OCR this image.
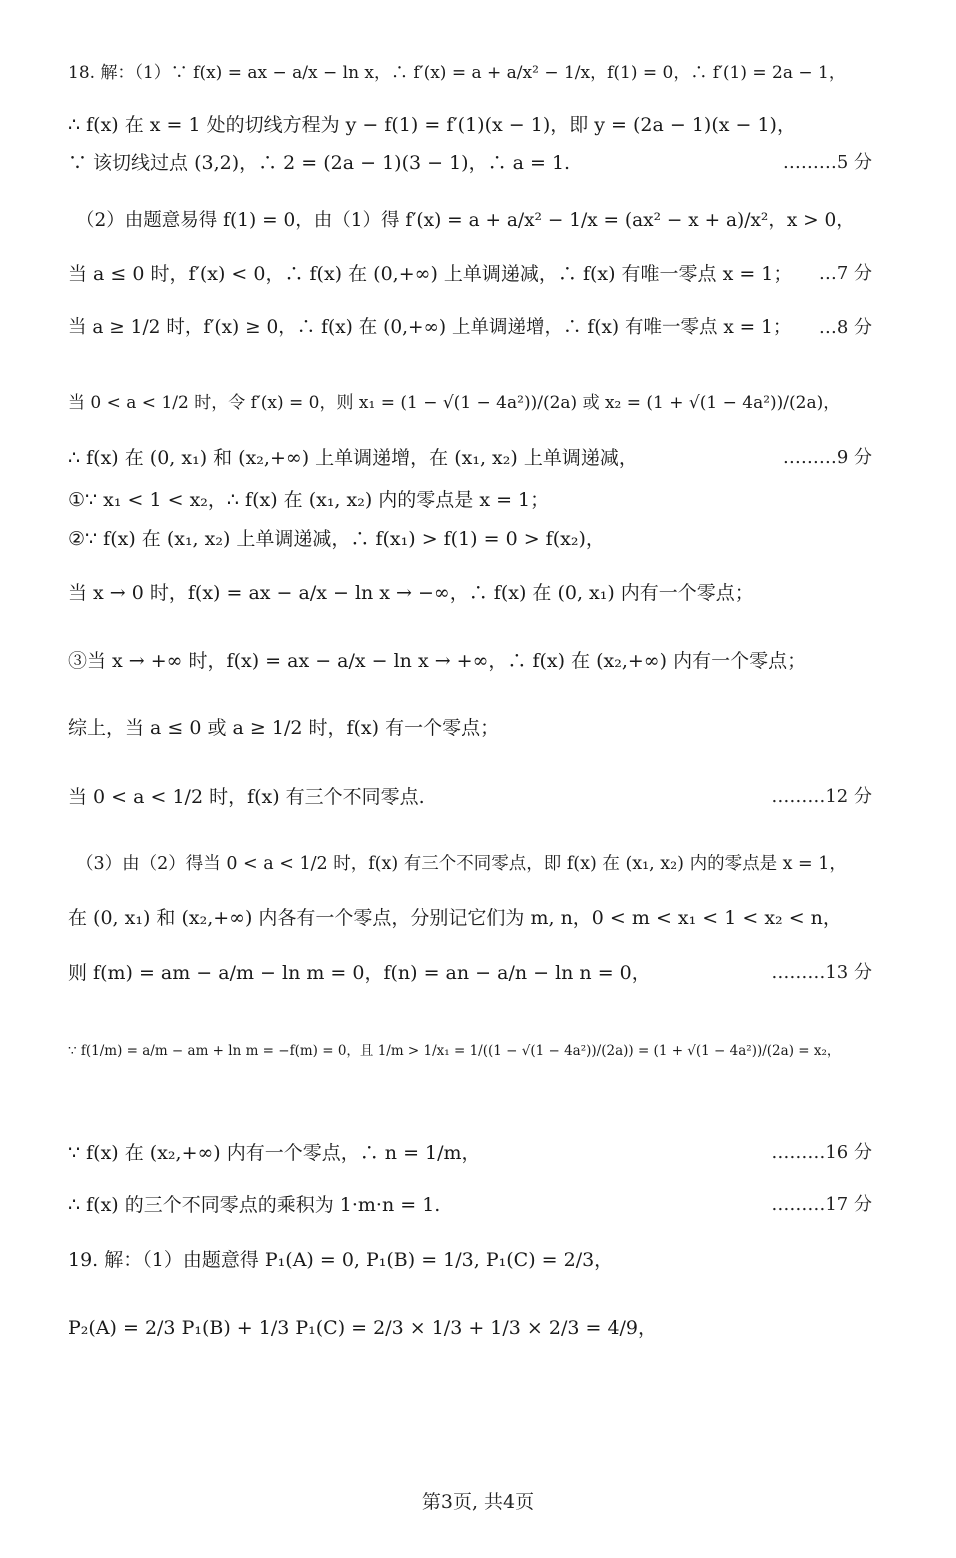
18. 解：（1）∵ f(x) = ax − a/x − ln x，∴ f′(x) = a + a/x² − 1/x，f(1) = 0，∴ f′(1) = 2a − 1，
∴ f(x) 在 x = 1 处的切线方程为 y − f(1) = f′(1)(x − 1)，即 y = (2a − 1)(x − 1)，
∵ 该切线过点 (3,2)，∴ 2 = (2a − 1)(3 − 1)，∴ a = 1.	………5 分
（2）由题意易得 f(1) = 0，由（1）得 f′(x) = a + a/x² − 1/x = (ax² − x + a)/x²，x > 0，
当 a ≤ 0 时，f′(x) < 0，∴ f(x) 在 (0,+∞) 上单调递减，∴ f(x) 有唯一零点 x = 1； …7 分
当 a ≥ 1/2 时，f′(x) ≥ 0，∴ f(x) 在 (0,+∞) 上单调递增，∴ f(x) 有唯一零点 x = 1； …8 分
当 0 < a < 1/2 时，令 f′(x) = 0，则 x₁ = (1 − √(1 − 4a²))/(2a) 或 x₂ = (1 + √(1 − 4a²))/(2a)，
∴ f(x) 在 (0, x₁) 和 (x₂,+∞) 上单调递增，在 (x₁, x₂) 上单调递减，	………9 分
①∵ x₁ < 1 < x₂，∴ f(x) 在 (x₁, x₂) 内的零点是 x = 1；
②∵ f(x) 在 (x₁, x₂) 上单调递减，∴ f(x₁) > f(1) = 0 > f(x₂)，
当 x → 0 时，f(x) = ax − a/x − ln x → −∞，∴ f(x) 在 (0, x₁) 内有一个零点；
③当 x → +∞ 时，f(x) = ax − a/x − ln x → +∞，∴ f(x) 在 (x₂,+∞) 内有一个零点；
综上，当 a ≤ 0 或 a ≥ 1/2 时，f(x) 有一个零点；
当 0 < a < 1/2 时，f(x) 有三个不同零点.	………12 分
（3）由（2）得当 0 < a < 1/2 时，f(x) 有三个不同零点，即 f(x) 在 (x₁, x₂) 内的零点是 x = 1，
在 (0, x₁) 和 (x₂,+∞) 内各有一个零点，分别记它们为 m, n，0 < m < x₁ < 1 < x₂ < n，
则 f(m) = am − a/m − ln m = 0，f(n) = an − a/n − ln n = 0，	………13 分
∵ f(1/m) = a/m − am + ln m = −f(m) = 0，且 1/m > 1/x₁ = 1/((1 − √(1 − 4a²))/(2a)) = (1 + √(1 − 4a²))/(2a) = x₂，
∵ f(x) 在 (x₂,+∞) 内有一个零点，∴ n = 1/m，	………16 分
∴ f(x) 的三个不同零点的乘积为 1·m·n = 1.	………17 分
19. 解：（1）由题意得 P₁(A) = 0, P₁(B) = 1/3, P₁(C) = 2/3，
P₂(A) = 2/3 P₁(B) + 1/3 P₁(C) = 2/3 × 1/3 + 1/3 × 2/3 = 4/9，
第3页, 共4页
